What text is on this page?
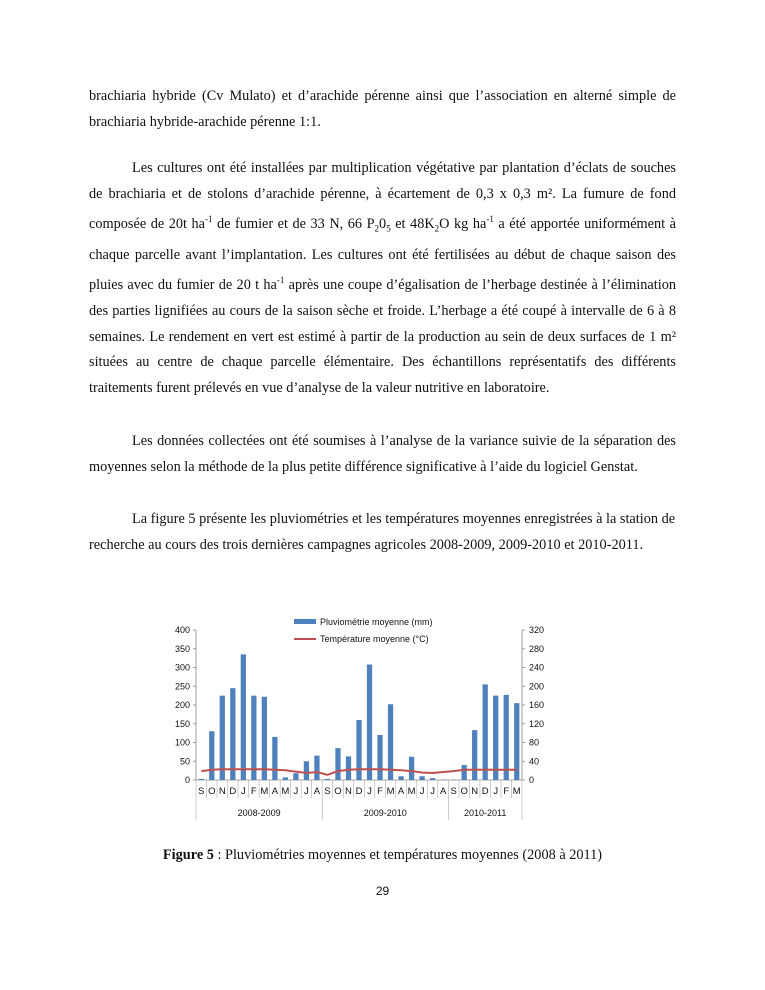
brachiaria hybride (Cv Mulato) et d’arachide pérenne ainsi que l’association en alterné simple de brachiaria hybride-arachide pérenne 1:1.

Les cultures ont été installées par multiplication végétative par plantation d’éclats de souches de brachiaria et de stolons d’arachide pérenne, à écartement de 0,3 x 0,3 m². La fumure de fond composée de 20t $ha^{-1}$ de fumier et de 33 N, 66 $P_20_5$ et $48K_2O$ kg $ha^{-1}$ a été apportée uniformément à chaque parcelle avant l’implantation. Les cultures ont été fertilisées au début de chaque saison des pluies avec du fumier de 20 t $ha^{-1}$ après une coupe d’égalisation de l’herbage destinée à l’élimination des parties lignifiées au cours de la saison sèche et froide. L’herbage a été coupé à intervalle de 6 à 8 semaines. Le rendement en vert est estimé à partir de la production au sein de deux surfaces de 1 m² situées au centre de chaque parcelle élémentaire. Des échantillons représentatifs des différents traitements furent prélevés en vue d’analyse de la valeur nutritive en laboratoire.

Les données collectées ont été soumises à l’analyse de la variance suivie de la séparation des moyennes selon la méthode de la plus petite différence significative à l’aide du logiciel Genstat.

La figure 5 présente les pluviométries et les températures moyennes enregistrées à la station de recherche au cours des trois dernières campagnes agricoles 2008-2009, 2009-2010 et 2010-2011.

Pluviométrie moyenne (mm)
Température moyenne (°C)
0
50
100
150
200
250
300
350
400
0
40
80
120
160
200
240
280
320
S O N D J F M A M J J A S O N D J F M A M J J A S O N D J F M
2008-2009	2009-2010	2010-2011
Figure 5 : Pluviométries moyennes et températures moyennes (2008 à 2011)
29
